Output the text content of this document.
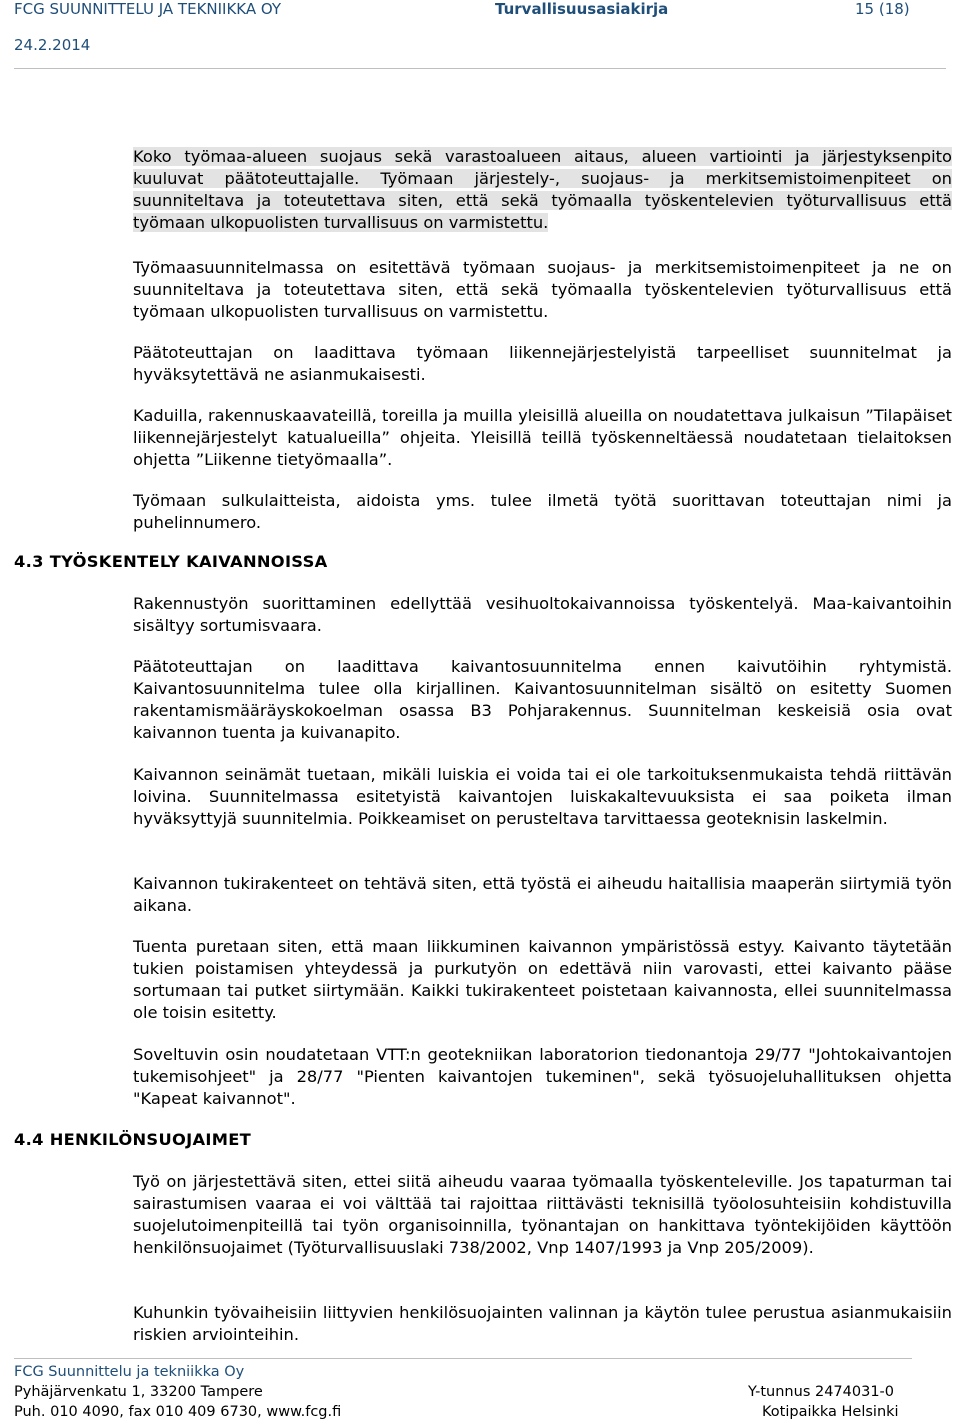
FCG SUUNNITTELU JA TEKNIIKKA OY	Turvallisuusasiakirja	15 (18)
24.2.2014

Koko työmaa-alueen suojaus sekä varastoalueen aitaus, alueen vartiointi ja järjestyksenpito kuuluvat päätoteuttajalle. Työmaan järjestely-, suojaus- ja merkitsemistoimenpiteet on suunniteltava ja toteutettava siten, että sekä työmaalla työskentelevien työturvallisuus että työmaan ulkopuolisten turvallisuus on varmistettu.

Työmaasuunnitelmassa on esitettävä työmaan suojaus- ja merkitsemistoimenpiteet ja ne on suunniteltava ja toteutettava siten, että sekä työmaalla työskentelevien työturvallisuus että työmaan ulkopuolisten turvallisuus on varmistettu.

Päätoteuttajan on laadittava työmaan liikennejärjestelyistä tarpeelliset suunnitelmat ja hyväksytettävä ne asianmukaisesti.

Kaduilla, rakennuskaavateillä, toreilla ja muilla yleisillä alueilla on noudatettava julkaisun ”Tilapäiset liikennejärjestelyt katualueilla” ohjeita. Yleisillä teillä työskenneltäessä noudatetaan tielaitoksen ohjetta ”Liikenne tietyömaalla”.

Työmaan sulkulaitteista, aidoista yms. tulee ilmetä työtä suorittavan toteuttajan nimi ja puhelinnumero.

4.3 TYÖSKENTELY KAIVANNOISSA

Rakennustyön suorittaminen edellyttää vesihuoltokaivannoissa työskentelyä. Maa-kaivantoihin sisältyy sortumisvaara.

Päätoteuttajan on laadittava kaivantosuunnitelma ennen kaivutöihin ryhtymistä. Kaivantosuunnitelma tulee olla kirjallinen. Kaivantosuunnitelman sisältö on esitetty Suomen rakentamismääräyskokoelman osassa B3 Pohjarakennus. Suunnitelman keskeisiä osia ovat kaivannon tuenta ja kuivanapito.

Kaivannon seinämät tuetaan, mikäli luiskia ei voida tai ei ole tarkoituksenmukaista tehdä riittävän loivina. Suunnitelmassa esitetyistä kaivantojen luiskakaltevuuksista ei saa poiketa ilman hyväksyttyjä suunnitelmia. Poikkeamiset on perusteltava tarvittaessa geoteknisin laskelmin.

Kaivannon tukirakenteet on tehtävä siten, että työstä ei aiheudu haitallisia maaperän siirtymiä työn aikana.

Tuenta puretaan siten, että maan liikkuminen kaivannon ympäristössä estyy. Kaivanto täytetään tukien poistamisen yhteydessä ja purkutyön on edettävä niin varovasti, ettei kaivanto pääse sortumaan tai putket siirtymään. Kaikki tukirakenteet poistetaan kaivannosta, ellei suunnitelmassa ole toisin esitetty.

Soveltuvin osin noudatetaan VTT:n geotekniikan laboratorion tiedonantoja 29/77 "Johtokaivantojen tukemisohjeet" ja 28/77 "Pienten kaivantojen tukeminen", sekä työsuojeluhallituksen ohjetta "Kapeat kaivannot".

4.4 HENKILÖNSUOJAIMET

Työ on järjestettävä siten, ettei siitä aiheudu vaaraa työmaalla työskenteleville. Jos tapaturman tai sairastumisen vaaraa ei voi välttää tai rajoittaa riittävästi teknisillä työolosuhteisiin kohdistuvilla suojelutoimenpiteillä tai työn organisoinnilla, työnantajan on hankittava työntekijöiden käyttöön henkilönsuojaimet (Työturvallisuuslaki 738/2002, Vnp 1407/1993 ja Vnp 205/2009).

Kuhunkin työvaiheisiin liittyvien henkilösuojainten valinnan ja käytön tulee perustua asianmukaisiin riskien arviointeihin.

FCG Suunnittelu ja tekniikka Oy
Pyhäjärvenkatu 1, 33200 Tampere
Puh. 010 4090, fax 010 409 6730, www.fcg.fi
Y-tunnus 2474031-0
Kotipaikka Helsinki
